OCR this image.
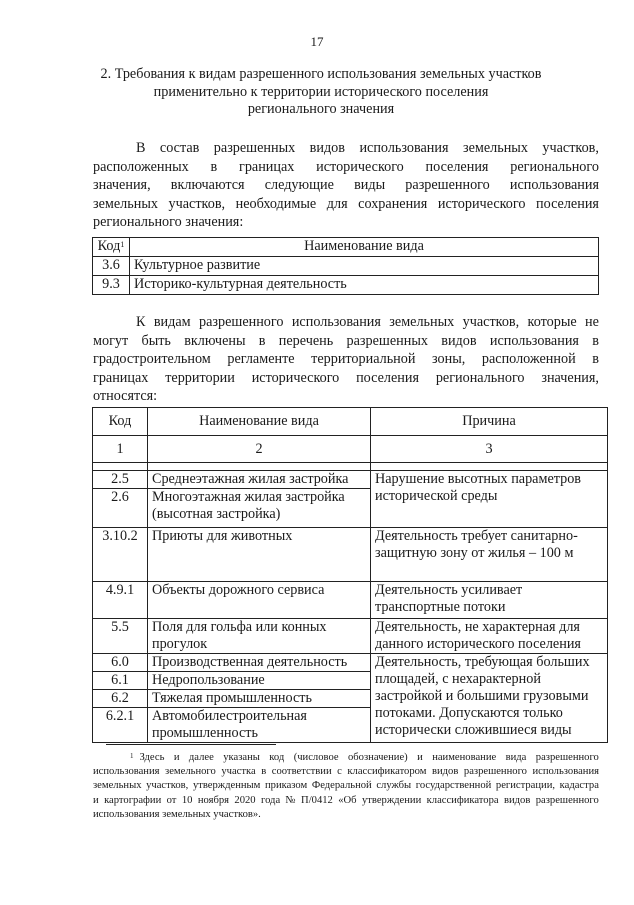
17
2. Требования к видам разрешенного использования земельных участков
применительно к территории исторического поселения
регионального значения
В состав разрешенных видов использования земельных участков,
расположенных в границах исторического поселения регионального
значения, включаются следующие виды разрешенного использования
земельных участков, необходимые для сохранения исторического поселения
регионального значения:
Код$^1$	Наименование вида
3.6	Культурное развитие
9.3	Историко-культурная деятельность
К видам разрешенного использования земельных участков, которые не
могут быть включены в перечень разрешенных видов использования в
градостроительном регламенте территориальной зоны, расположенной в
границах территории исторического поселения регионального значения,
относятся:
Код	Наименование вида	Причина
1	2	3

2.5	Среднеэтажная жилая застройка	Нарушение высотных параметров исторической среды
2.6	Многоэтажная жилая застройка (высотная застройка)	
3.10.2	Приюты для животных	Деятельность требует санитарно-защитную зону от жилья – 100 м
4.9.1	Объекты дорожного сервиса	Деятельность усиливает транспортные потоки
5.5	Поля для гольфа или конных прогулок	Деятельность, не характерная для данного исторического поселения
6.0	Производственная деятельность	Деятельность, требующая больших площадей, с нехарактерной застройкой и большими грузовыми потоками. Допускаются только исторически сложившиеся виды
6.1	Недропользование	
6.2	Тяжелая промышленность	
6.2.1	Автомобилестроительная промышленность	
$^1$ Здесь и далее указаны код (числовое обозначение) и наименование вида разрешенного
использования земельного участка в соответствии с классификатором видов разрешенного использования
земельных участков, утвержденным приказом Федеральной службы государственной регистрации, кадастра
и картографии от 10 ноября 2020 года № П/0412 «Об утверждении классификатора видов разрешенного
использования земельных участков».
